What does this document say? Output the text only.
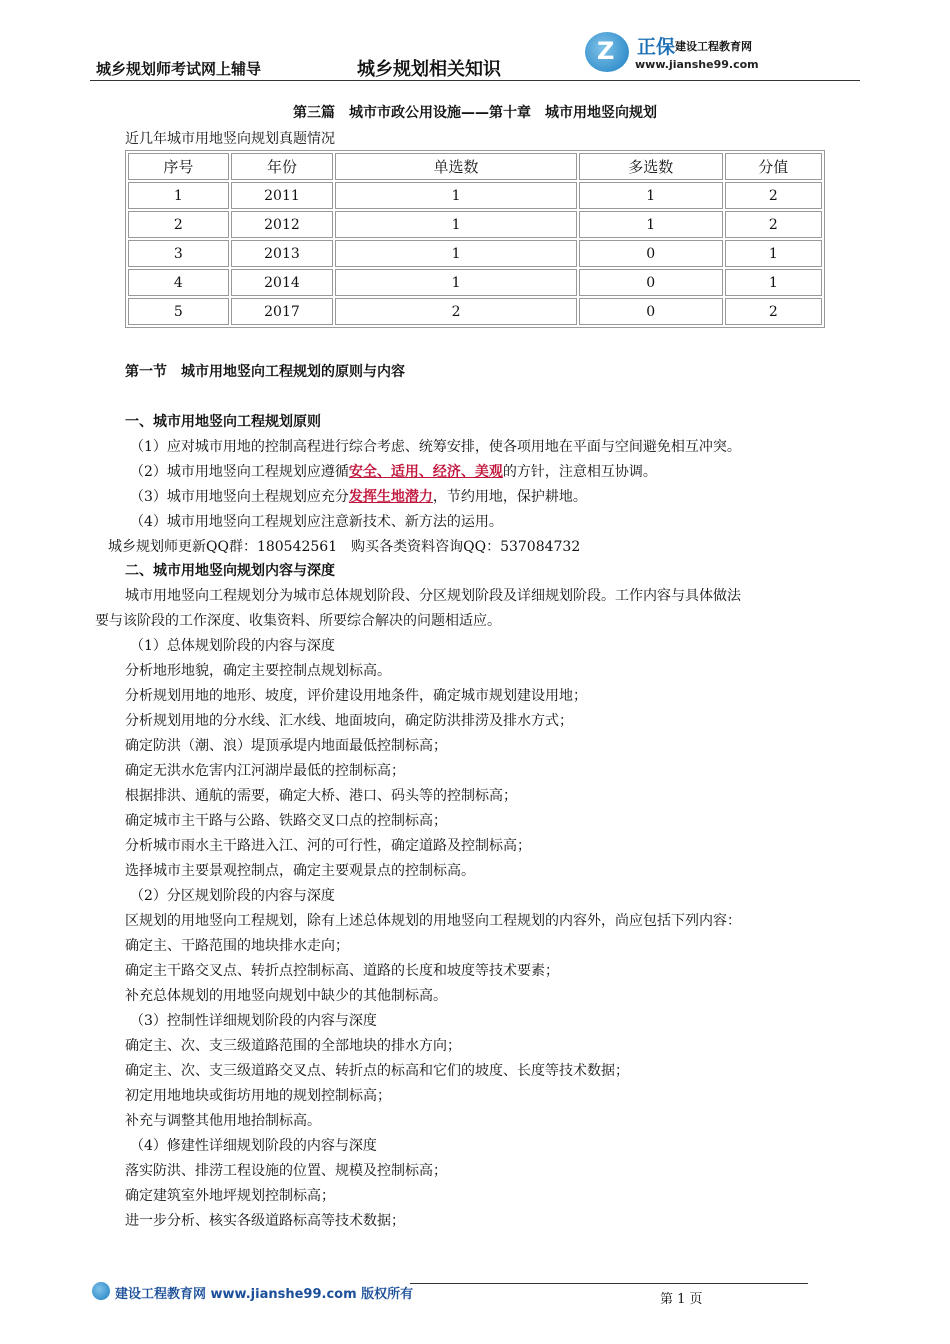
城乡规划师考试网上辅导	城乡规划相关知识
Z 正保 建设工程教育网
www.jianshe99.com
第三篇　城市市政公用设施——第十章　城市用地竖向规划
近几年城市用地竖向规划真题情况
序号	年份	单选数	多选数	分值
1	2011	1	1	2
2	2012	1	1	2
3	2013	1	0	1
4	2014	1	0	1
5	2017	2	0	2
第一节　城市用地竖向工程规划的原则与内容
一、城市用地竖向工程规划原则
（1）应对城市用地的控制高程进行综合考虑、统筹安排，使各项用地在平面与空间避免相互冲突。
（2）城市用地竖向工程规划应遵循安全、适用、经济、美观的方针，注意相互协调。
（3）城市用地竖向土程规划应充分发挥生地潜力，节约用地，保护耕地。
（4）城市用地竖向工程规划应注意新技术、新方法的运用。
城乡规划师更新QQ群：180542561　购买各类资料咨询QQ：537084732
二、城市用地竖向规划内容与深度
城市用地竖向工程规划分为城市总体规划阶段、分区规划阶段及详细规划阶段。工作内容与具体做法
要与该阶段的工作深度、收集资料、所要综合解决的问题相适应。
（1）总体规划阶段的内容与深度
分析地形地貌，确定主要控制点规划标高。
分析规划用地的地形、坡度，评价建设用地条件，确定城市规划建设用地；
分析规划用地的分水线、汇水线、地面坡向，确定防洪排涝及排水方式；
确定防洪（潮、浪）堤顶承堤内地面最低控制标高；
确定无洪水危害内江河湖岸最低的控制标高；
根据排洪、通航的需要，确定大桥、港口、码头等的控制标高；
确定城市主干路与公路、铁路交叉口点的控制标高；
分析城市雨水主干路进入江、河的可行性，确定道路及控制标高；
选择城市主要景观控制点，确定主要观景点的控制标高。
（2）分区规划阶段的内容与深度
区规划的用地竖向工程规划，除有上述总体规划的用地竖向工程规划的内容外，尚应包括下列内容：
确定主、干路范围的地块排水走向；
确定主干路交叉点、转折点控制标高、道路的长度和坡度等技术要素；
补充总体规划的用地竖向规划中缺少的其他制标高。
（3）控制性详细规划阶段的内容与深度
确定主、次、支三级道路范围的全部地块的排水方向；
确定主、次、支三级道路交叉点、转折点的标高和它们的坡度、长度等技术数据；
初定用地地块或街坊用地的规划控制标高；
补充与调整其他用地抬制标高。
（4）修建性详细规划阶段的内容与深度
落实防洪、排涝工程设施的位置、规模及控制标高；
确定建筑室外地坪规划控制标高；
进一步分析、核实各级道路标高等技术数据；
建设工程教育网 www.jianshe99.com 版权所有	第 1 页
